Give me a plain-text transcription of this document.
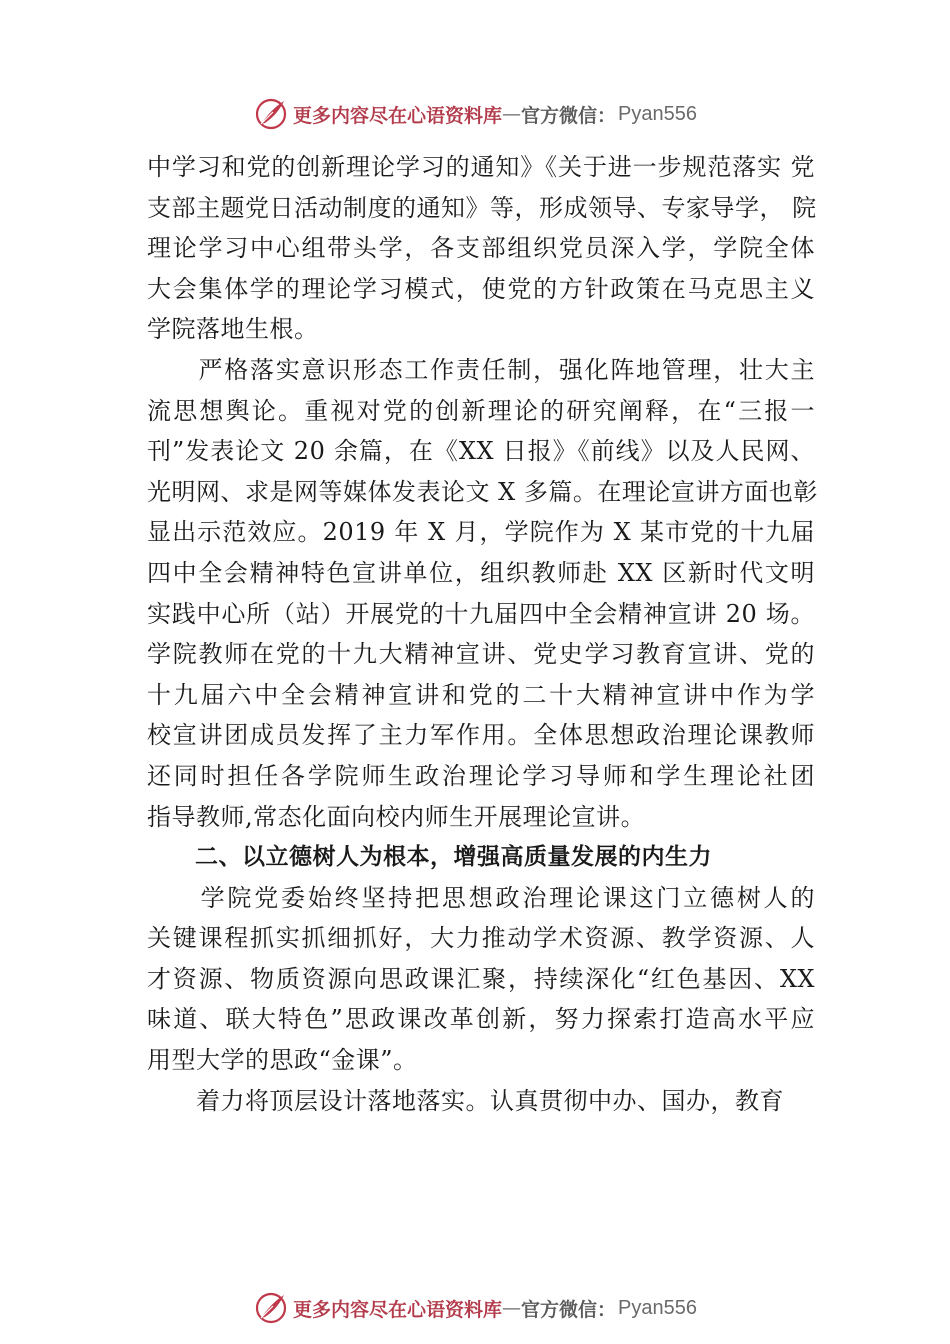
更多内容尽在心语资料库 — 官方微信： Pyan556
中学习和党的创新理论学习的通知》《关于进一步规范落实 党
支部主题党日活动制度的通知》等，形成领导、专家导学， 院
理论学习中心组带头学，各支部组织党员深入学，学院全体
大会集体学的理论学习模式，使党的方针政策在马克思主义
学院落地生根。
　　严格落实意识形态工作责任制，强化阵地管理，壮大主
流思想舆论。重视对党的创新理论的研究阐释，在“三报一
刊”发表论文 20 余篇，在《XX 日报》《前线》以及人民网、
光明网、求是网等媒体发表论文 X 多篇。在理论宣讲方面也彰
显出示范效应。2019 年 X 月，学院作为 X 某市党的十九届
四中全会精神特色宣讲单位，组织教师赴 XX 区新时代文明
实践中心所（站）开展党的十九届四中全会精神宣讲 20 场。
学院教师在党的十九大精神宣讲、党史学习教育宣讲、党的
十九届六中全会精神宣讲和党的二十大精神宣讲中作为学
校宣讲团成员发挥了主力军作用。全体思想政治理论课教师
还同时担任各学院师生政治理论学习导师和学生理论社团
指导教师,常态化面向校内师生开展理论宣讲。
二、以立德树人为根本，增强高质量发展的内生力
　　学院党委始终坚持把思想政治理论课这门立德树人的
关键课程抓实抓细抓好，大力推动学术资源、教学资源、人
才资源、物质资源向思政课汇聚，持续深化“红色基因、XX
味道、联大特色”思政课改革创新，努力探索打造高水平应
用型大学的思政“金课”。
　　着力将顶层设计落地落实。认真贯彻中办、国办，教育
更多内容尽在心语资料库 — 官方微信： Pyan556
